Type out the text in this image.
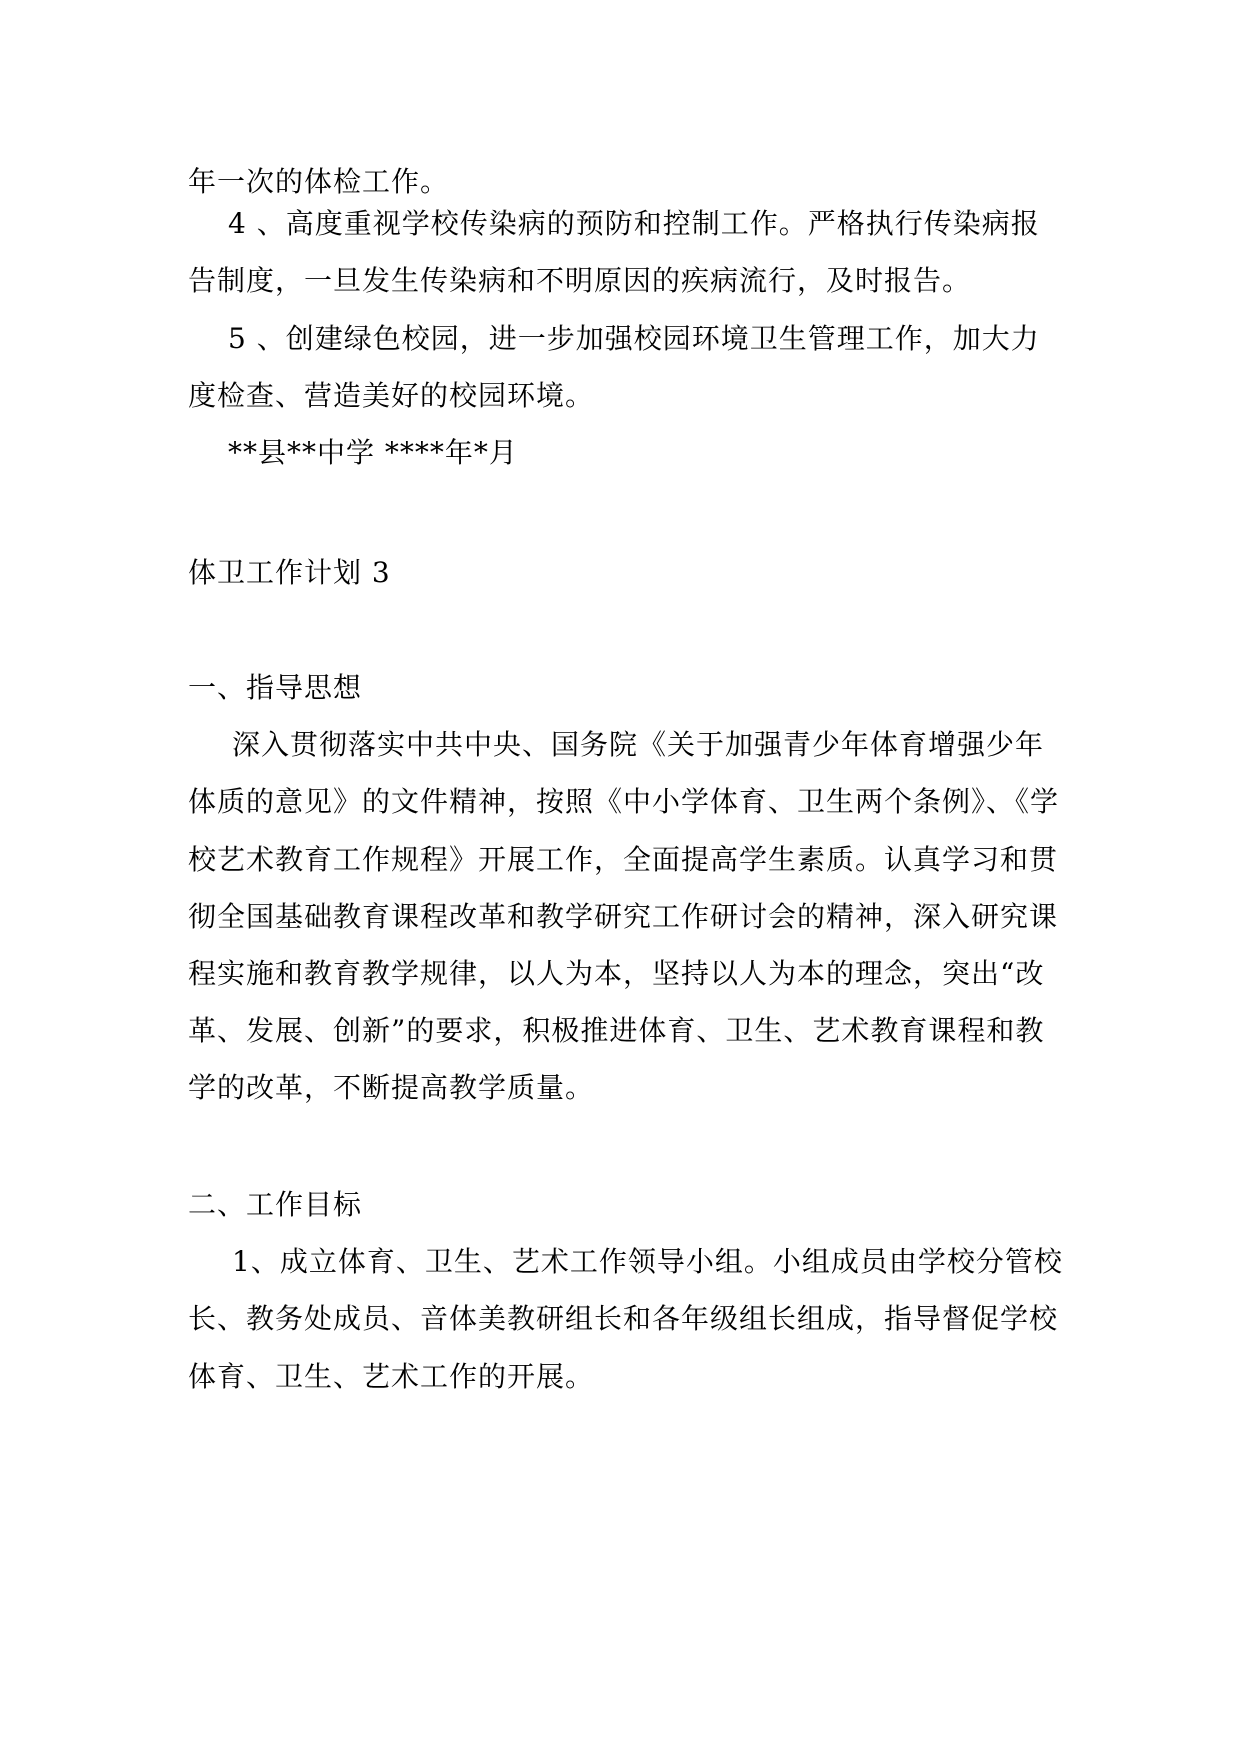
年一次的体检工作。
4 、高度重视学校传染病的预防和控制工作。严格执行传染病报
告制度，一旦发生传染病和不明原因的疾病流行，及时报告。
5 、创建绿色校园，进一步加强校园环境卫生管理工作，加大力
度检查、营造美好的校园环境。
**县**中学 ****年*月
体卫工作计划 3
一、指导思想
深入贯彻落实中共中央、国务院《关于加强青少年体育增强少年
体质的意见》的文件精神，按照《中小学体育、卫生两个条例》、《学
校艺术教育工作规程》开展工作，全面提高学生素质。认真学习和贯
彻全国基础教育课程改革和教学研究工作研讨会的精神，深入研究课
程实施和教育教学规律，以人为本，坚持以人为本的理念，突出“改
革、发展、创新”的要求，积极推进体育、卫生、艺术教育课程和教
学的改革，不断提高教学质量。
二、工作目标
1、成立体育、卫生、艺术工作领导小组。小组成员由学校分管校
长、教务处成员、音体美教研组长和各年级组长组成，指导督促学校
体育、卫生、艺术工作的开展。
